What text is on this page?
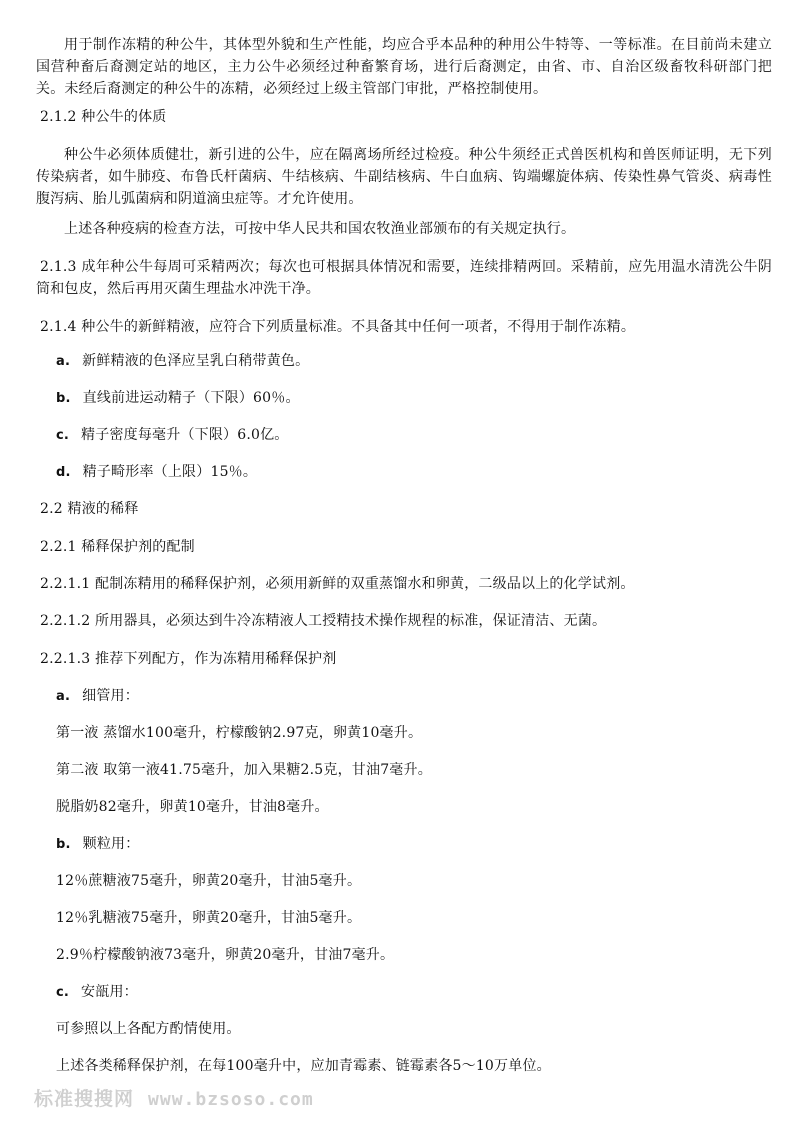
用于制作冻精的种公牛，其体型外貌和生产性能，均应合乎本品种的种用公牛特等、一等标准。在目前尚未建立国营种畜后裔测定站的地区，主力公牛必须经过种畜繁育场，进行后裔测定，由省、市、自治区级畜牧科研部门把关。未经后裔测定的种公牛的冻精，必须经过上级主管部门审批，严格控制使用。

2.1.2 种公牛的体质

种公牛必须体质健壮，新引进的公牛，应在隔离场所经过检疫。种公牛须经正式兽医机构和兽医师证明，无下列传染病者，如牛肺疫、布鲁氏杆菌病、牛结核病、牛副结核病、牛白血病、钩端螺旋体病、传染性鼻气管炎、病毒性腹泻病、胎儿弧菌病和阴道滴虫症等。才允许使用。

上述各种疫病的检查方法，可按中华人民共和国农牧渔业部颁布的有关规定执行。

2.1.3 成年种公牛每周可采精两次；每次也可根据具体情况和需要，连续排精两回。采精前，应先用温水清洗公牛阴筒和包皮，然后再用灭菌生理盐水冲洗干净。

2.1.4 种公牛的新鲜精液，应符合下列质量标准。不具备其中任何一项者，不得用于制作冻精。

a. 新鲜精液的色泽应呈乳白稍带黄色。

b. 直线前进运动精子（下限）60％。

c. 精子密度每毫升（下限）6.0亿。

d. 精子畸形率（上限）15％。

2.2 精液的稀释

2.2.1 稀释保护剂的配制

2.2.1.1 配制冻精用的稀释保护剂，必须用新鲜的双重蒸馏水和卵黄，二级品以上的化学试剂。

2.2.1.2 所用器具，必须达到牛冷冻精液人工授精技术操作规程的标准，保证清洁、无菌。

2.2.1.3 推荐下列配方，作为冻精用稀释保护剂

a. 细管用：

第一液 蒸馏水100毫升，柠檬酸钠2.97克，卵黄10毫升。

第二液 取第一液41.75毫升，加入果糖2.5克，甘油7毫升。

脱脂奶82毫升，卵黄10毫升，甘油8毫升。

b. 颗粒用：

12％蔗糖液75毫升，卵黄20毫升，甘油5毫升。

12％乳糖液75毫升，卵黄20毫升，甘油5毫升。

2.9％柠檬酸钠液73毫升，卵黄20毫升，甘油7毫升。

c. 安瓿用：

可参照以上各配方酌情使用。

上述各类稀释保护剂，在每100毫升中，应加青霉素、链霉素各5～10万单位。

标准搜搜网 www.bzsoso.com
